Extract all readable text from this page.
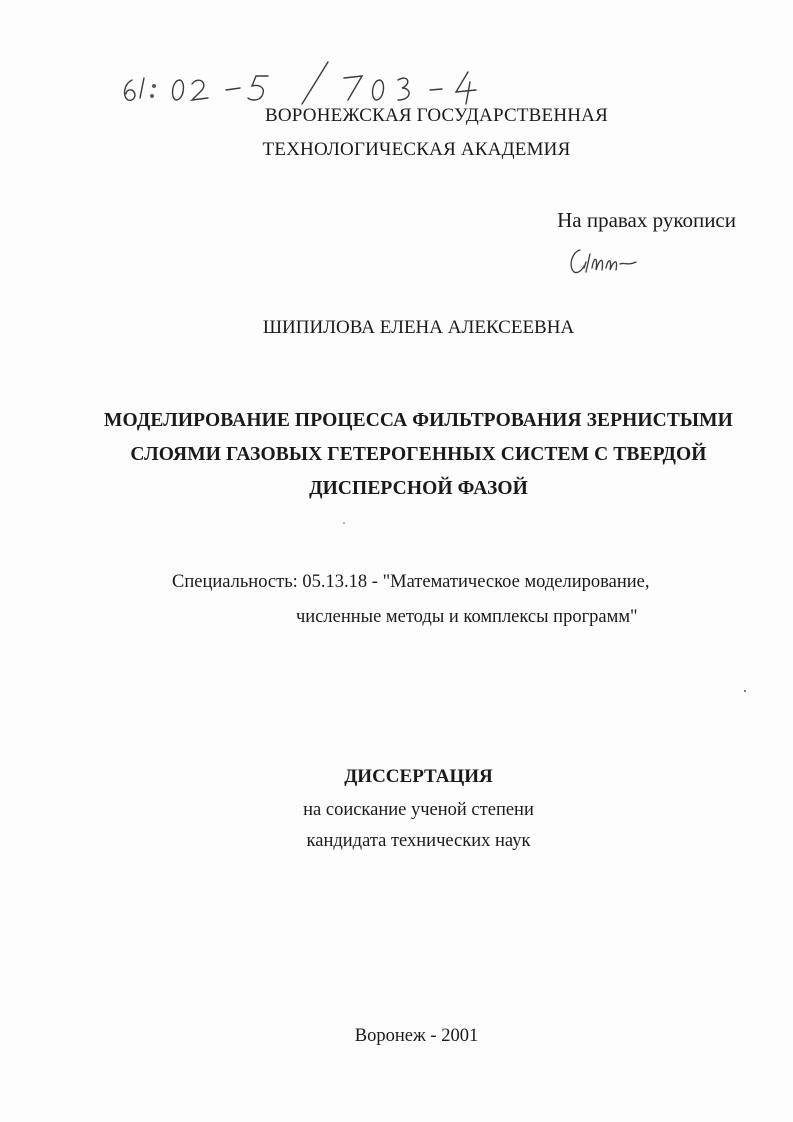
ВОРОНЕЖСКАЯ ГОСУДАРСТВЕННАЯ
ТЕХНОЛОГИЧЕСКАЯ АКАДЕМИЯ
На правах рукописи
ШИПИЛОВА ЕЛЕНА АЛЕКСЕЕВНА
МОДЕЛИРОВАНИЕ ПРОЦЕССА ФИЛЬТРОВАНИЯ ЗЕРНИСТЫМИ
СЛОЯМИ ГАЗОВЫХ ГЕТЕРОГЕННЫХ СИСТЕМ С ТВЕРДОЙ
ДИСПЕРСНОЙ ФАЗОЙ
Специальность: 05.13.18 - "Математическое моделирование,
численные методы и комплексы программ"
ДИССЕРТАЦИЯ
на соискание ученой степени
кандидата технических наук
Воронеж - 2001
